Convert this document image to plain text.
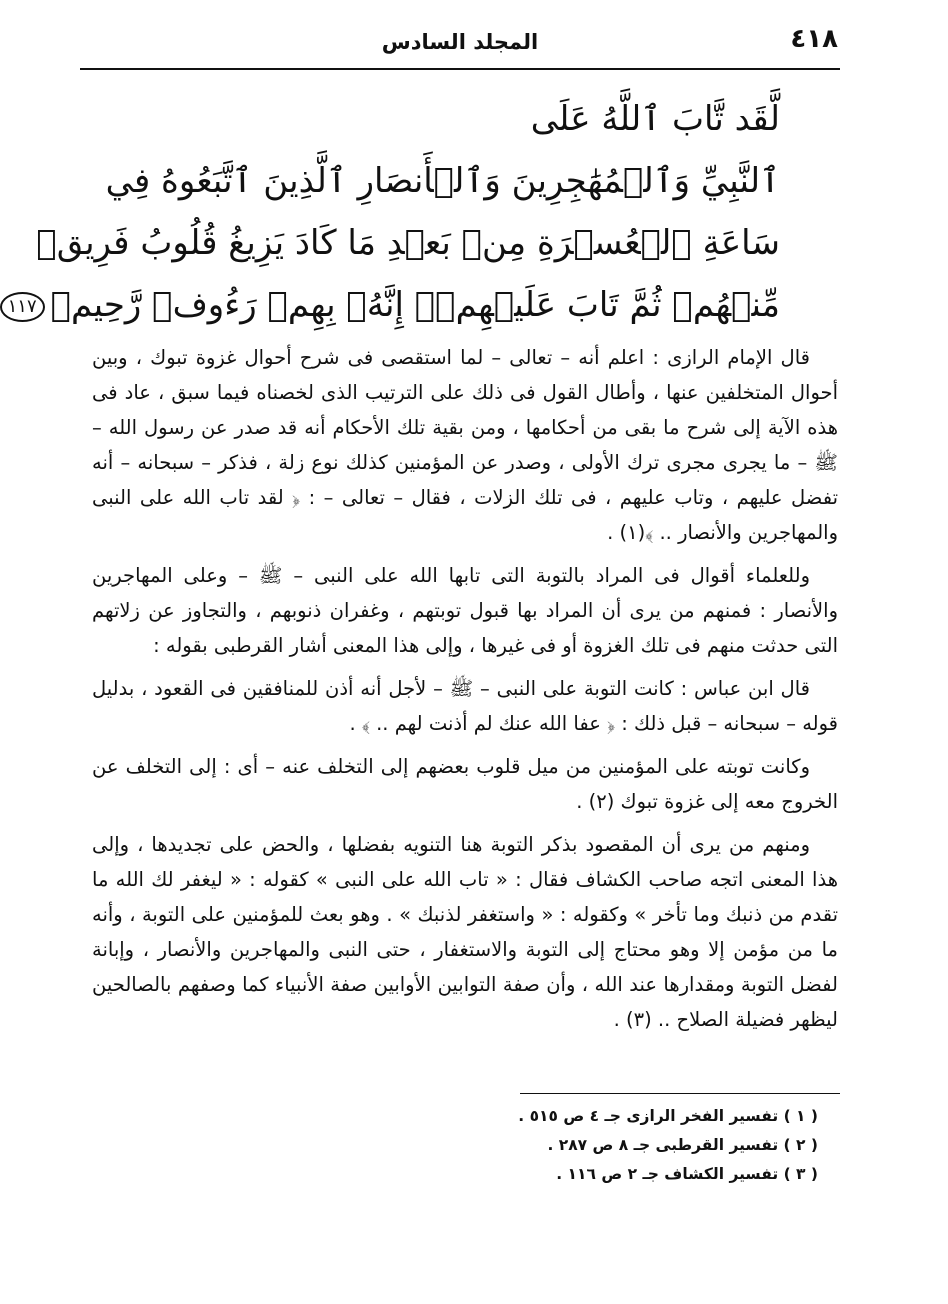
٤١٨
المجلد السادس
لَّقَد تَّابَ ٱللَّهُ عَلَى
ٱلنَّبِيِّ وَٱلۡمُهَٰجِرِينَ وَٱلۡأَنصَارِ ٱلَّذِينَ ٱتَّبَعُوهُ فِي
سَاعَةِ ٱلۡعُسۡرَةِ مِنۢ بَعۡدِ مَا كَادَ يَزِيغُ قُلُوبُ فَرِيقٖ
مِّنۡهُمۡ ثُمَّ تَابَ عَلَيۡهِمۡۚ إِنَّهُۥ بِهِمۡ رَءُوفٞ رَّحِيمٞ١١٧

قال الإمام الرازى : اعلم أنه – تعالى – لما استقصى فى شرح أحوال غزوة تبوك ، وبين أحوال المتخلفين عنها ، وأطال القول فى ذلك على الترتيب الذى لخصناه فيما سبق ، عاد فى هذه الآية إلى شرح ما بقى من أحكامها ، ومن بقية تلك الأحكام أنه قد صدر عن رسول الله – ﷺ – ما يجرى مجرى ترك الأولى ، وصدر عن المؤمنين كذلك نوع زلة ، فذكر – سبحانه – أنه تفضل عليهم ، وتاب عليهم ، فى تلك الزلات ، فقال – تعالى – : ﴿ لقد تاب الله على النبى والمهاجرين والأنصار .. ﴾(١) .

وللعلماء أقوال فى المراد بالتوبة التى تابها الله على النبى – ﷺ – وعلى المهاجرين والأنصار : فمنهم من يرى أن المراد بها قبول توبتهم ، وغفران ذنوبهم ، والتجاوز عن زلاتهم التى حدثت منهم فى تلك الغزوة أو فى غيرها ، وإلى هذا المعنى أشار القرطبى بقوله :

قال ابن عباس : كانت التوبة على النبى – ﷺ – لأجل أنه أذن للمنافقين فى القعود ، بدليل قوله – سبحانه – قبل ذلك : ﴿ عفا الله عنك لم أذنت لهم .. ﴾ .

وكانت توبته على المؤمنين من ميل قلوب بعضهم إلى التخلف عنه – أى : إلى التخلف عن الخروج معه إلى غزوة تبوك (٢) .

ومنهم من يرى أن المقصود بذكر التوبة هنا التنويه بفضلها ، والحض على تجديدها ، وإلى هذا المعنى اتجه صاحب الكشاف فقال : « تاب الله على النبى » كقوله : « ليغفر لك الله ما تقدم من ذنبك وما تأخر » وكقوله : « واستغفر لذنبك » . وهو بعث للمؤمنين على التوبة ، وأنه ما من مؤمن إلا وهو محتاج إلى التوبة والاستغفار ، حتى النبى والمهاجرين والأنصار ، وإبانة لفضل التوبة ومقدارها عند الله ، وأن صفة التوابين الأوابين صفة الأنبياء كما وصفهم بالصالحين ليظهر فضيلة الصلاح .. (٣) .

( ١ ) تفسير الفخر الرازى جـ ٤ ص ٥١٥ .
( ٢ ) تفسير القرطبى جـ ٨ ص ٢٨٧ .
( ٣ ) تفسير الكشاف جـ ٢ ص ١١٦ .
